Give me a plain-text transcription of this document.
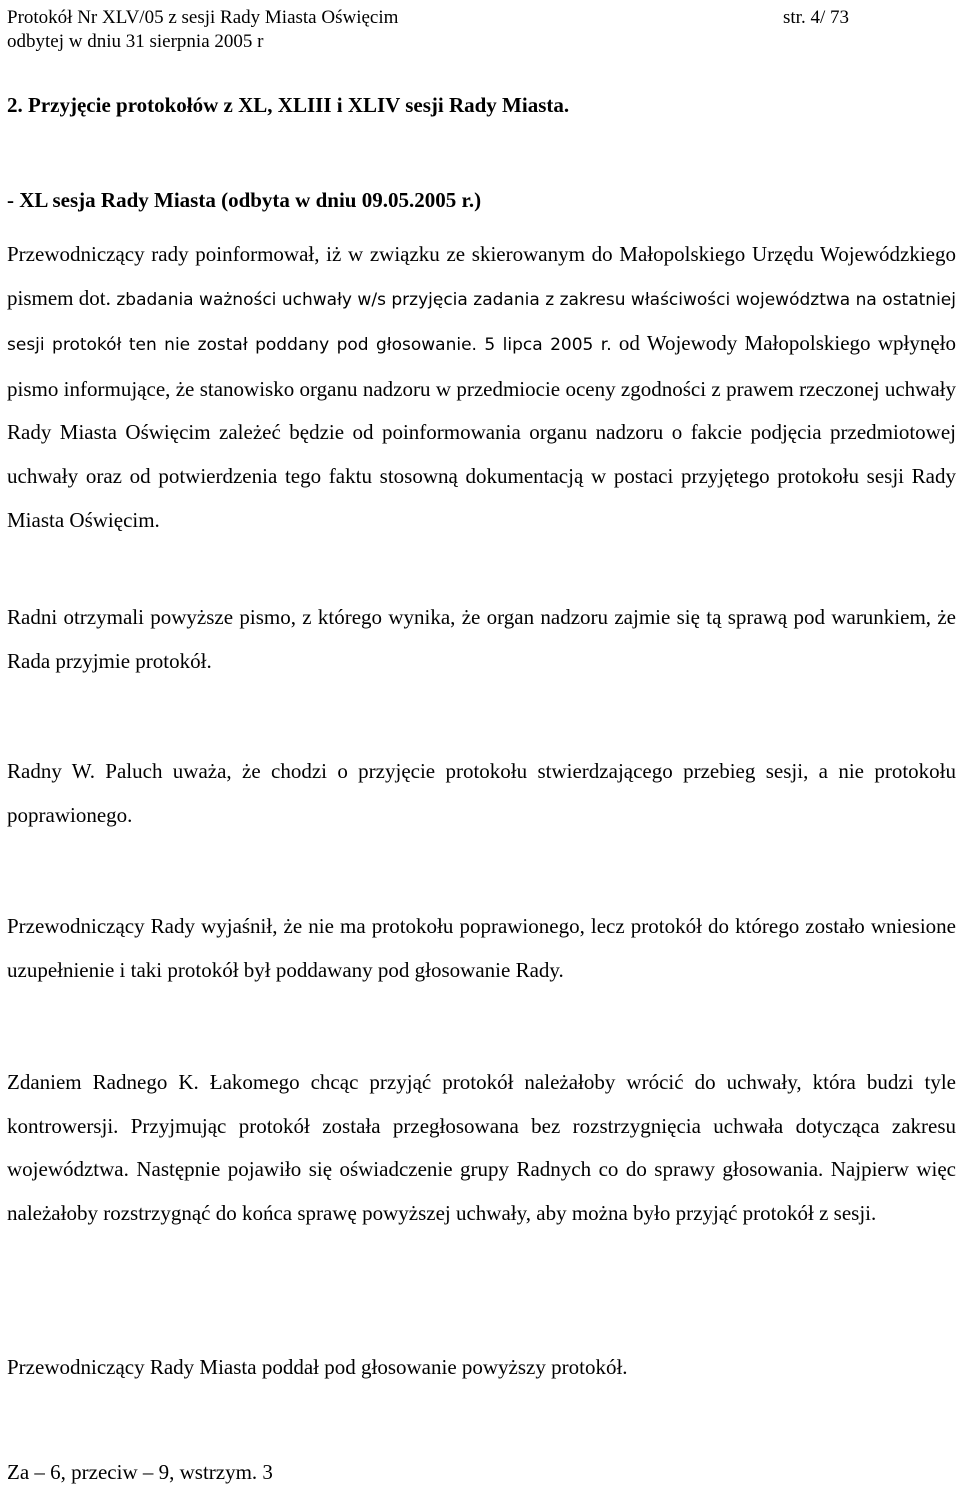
Protokół Nr XLV/05 z sesji Rady Miasta Oświęcim
odbytej w dniu 31 sierpnia 2005 r
str. 4/ 73
2. Przyjęcie protokołów z XL, XLIII i XLIV sesji Rady Miasta.
- XL sesja Rady Miasta (odbyta w dniu 09.05.2005 r.)

Przewodniczący rady poinformował, iż w związku ze skierowanym do Małopolskiego Urzędu Wojewódzkiego pismem dot. zbadania ważności uchwały w/s przyjęcia zadania z zakresu właściwości województwa na ostatniej sesji protokół ten nie został poddany pod głosowanie. 5 lipca 2005 r. od Wojewody Małopolskiego wpłynęło pismo informujące, że stanowisko organu nadzoru w przedmiocie oceny zgodności z prawem rzeczonej uchwały Rady Miasta Oświęcim zależeć będzie od poinformowania organu nadzoru o fakcie podjęcia przedmiotowej uchwały oraz od potwierdzenia tego faktu stosowną dokumentacją w postaci przyjętego protokołu sesji Rady Miasta Oświęcim.

Radni otrzymali powyższe pismo, z którego wynika, że organ nadzoru zajmie się tą sprawą pod warunkiem, że Rada przyjmie protokół.

Radny W. Paluch uważa, że chodzi o przyjęcie protokołu stwierdzającego przebieg sesji, a nie protokołu poprawionego.

Przewodniczący Rady wyjaśnił, że nie ma protokołu poprawionego, lecz protokół do którego zostało wniesione uzupełnienie i taki protokół był poddawany pod głosowanie Rady.

Zdaniem Radnego K. Łakomego chcąc przyjąć protokół należałoby wrócić do uchwały, która budzi tyle kontrowersji. Przyjmując protokół została przegłosowana bez rozstrzygnięcia uchwała dotycząca zakresu województwa. Następnie pojawiło się oświadczenie grupy Radnych co do sprawy głosowania. Najpierw więc należałoby rozstrzygnąć do końca sprawę powyższej uchwały, aby można było przyjąć protokół z sesji.

Przewodniczący Rady Miasta poddał pod głosowanie powyższy protokół.

Za – 6, przeciw – 9, wstrzym. 3
